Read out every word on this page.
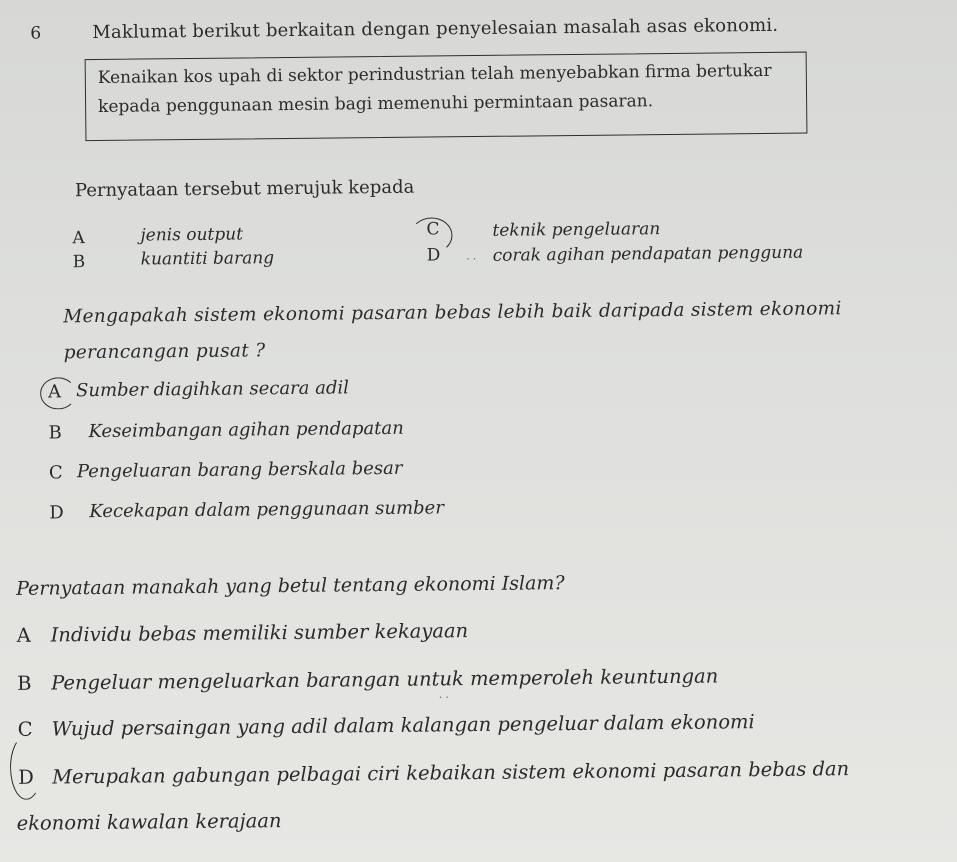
6	Maklumat berikut berkaitan dengan penyelesaian masalah asas ekonomi.
Kenaikan kos upah di sektor perindustrian telah menyebabkan firma bertukar
kepada penggunaan mesin bagi memenuhi permintaan pasaran.
Pernyataan tersebut merujuk kepada
A	jenis output
B	kuantiti barang
C	teknik pengeluaran
D	corak agihan pendapatan pengguna
˙˙
Mengapakah sistem ekonomi pasaran bebas lebih baik daripada sistem ekonomi
perancangan pusat ?
A Sumber diagihkan secara adil
B Keseimbangan agihan pendapatan
C Pengeluaran barang berskala besar
D Kecekapan dalam penggunaan sumber
Pernyataan manakah yang betul tentang ekonomi Islam?
A Individu bebas memiliki sumber kekayaan
B Pengeluar mengeluarkan barangan untuk memperoleh keuntungan
C Wujud persaingan yang adil dalam kalangan pengeluar dalam ekonomi
D Merupakan gabungan pelbagai ciri kebaikan sistem ekonomi pasaran bebas dan
ekonomi kawalan kerajaan
˙˙
